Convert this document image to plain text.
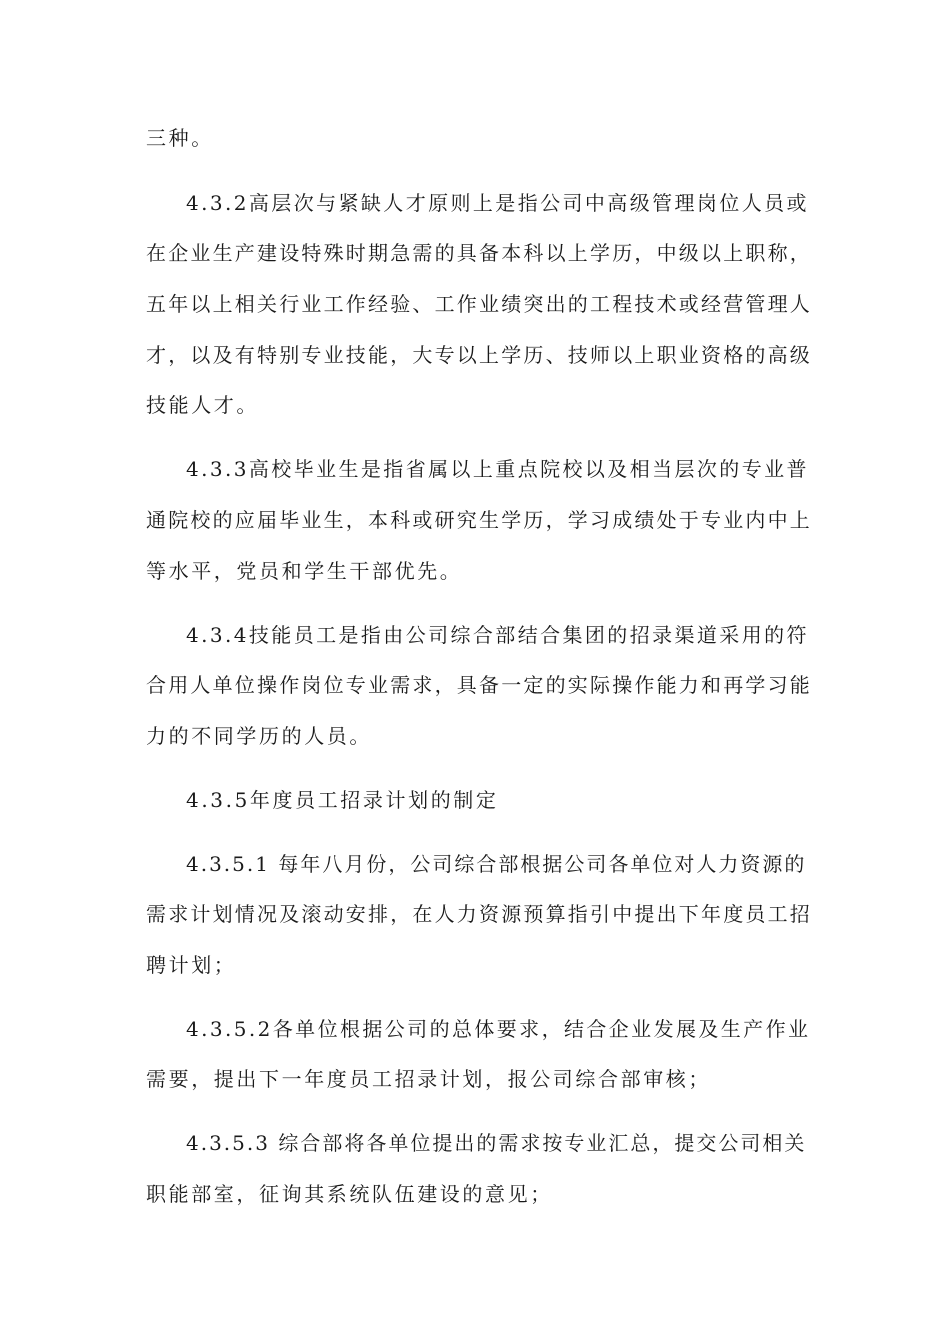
三种。
4.3.2高层次与紧缺人才原则上是指公司中高级管理岗位人员或
在企业生产建设特殊时期急需的具备本科以上学历，中级以上职称，
五年以上相关行业工作经验、工作业绩突出的工程技术或经营管理人
才，以及有特别专业技能，大专以上学历、技师以上职业资格的高级
技能人才。
4.3.3高校毕业生是指省属以上重点院校以及相当层次的专业普
通院校的应届毕业生，本科或研究生学历，学习成绩处于专业内中上
等水平，党员和学生干部优先。
4.3.4技能员工是指由公司综合部结合集团的招录渠道采用的符
合用人单位操作岗位专业需求，具备一定的实际操作能力和再学习能
力的不同学历的人员。
4.3.5年度员工招录计划的制定
4.3.5.1 每年八月份，公司综合部根据公司各单位对人力资源的
需求计划情况及滚动安排，在人力资源预算指引中提出下年度员工招
聘计划；
4.3.5.2各单位根据公司的总体要求，结合企业发展及生产作业
需要，提出下一年度员工招录计划，报公司综合部审核；
4.3.5.3 综合部将各单位提出的需求按专业汇总，提交公司相关
职能部室，征询其系统队伍建设的意见；
